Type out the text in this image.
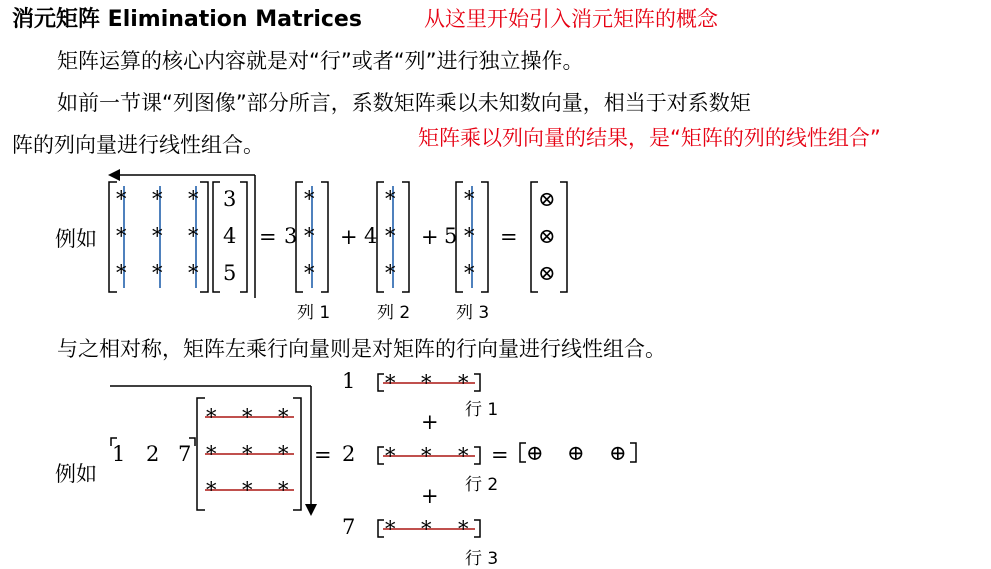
消元矩阵 Elimination Matrices	从这里开始引入消元矩阵的概念
矩阵运算的核心内容就是对“行”或者“列”进行独立操作。
如前一节课“列图像”部分所言，系数矩阵乘以未知数向量，相当于对系数矩
阵的列向量进行线性组合。	矩阵乘以列向量的结果，是“矩阵的列的线性组合”
与之相对称，矩阵左乘行向量则是对矩阵的行向量进行线性组合。
例如
* * *
* * *
* * *
3
4
5
= 3 + 4 + 5 =
*
*
*
*
*
*
*
*
*
⊗
⊗
⊗
列 1	列 2	列 3
例如
1 2 7
* * *
* * *
* * *
=
1
2
7
* * *
* * *
* * *
+
+
= ⊕ ⊕ ⊕
行 1
行 2
行 3
